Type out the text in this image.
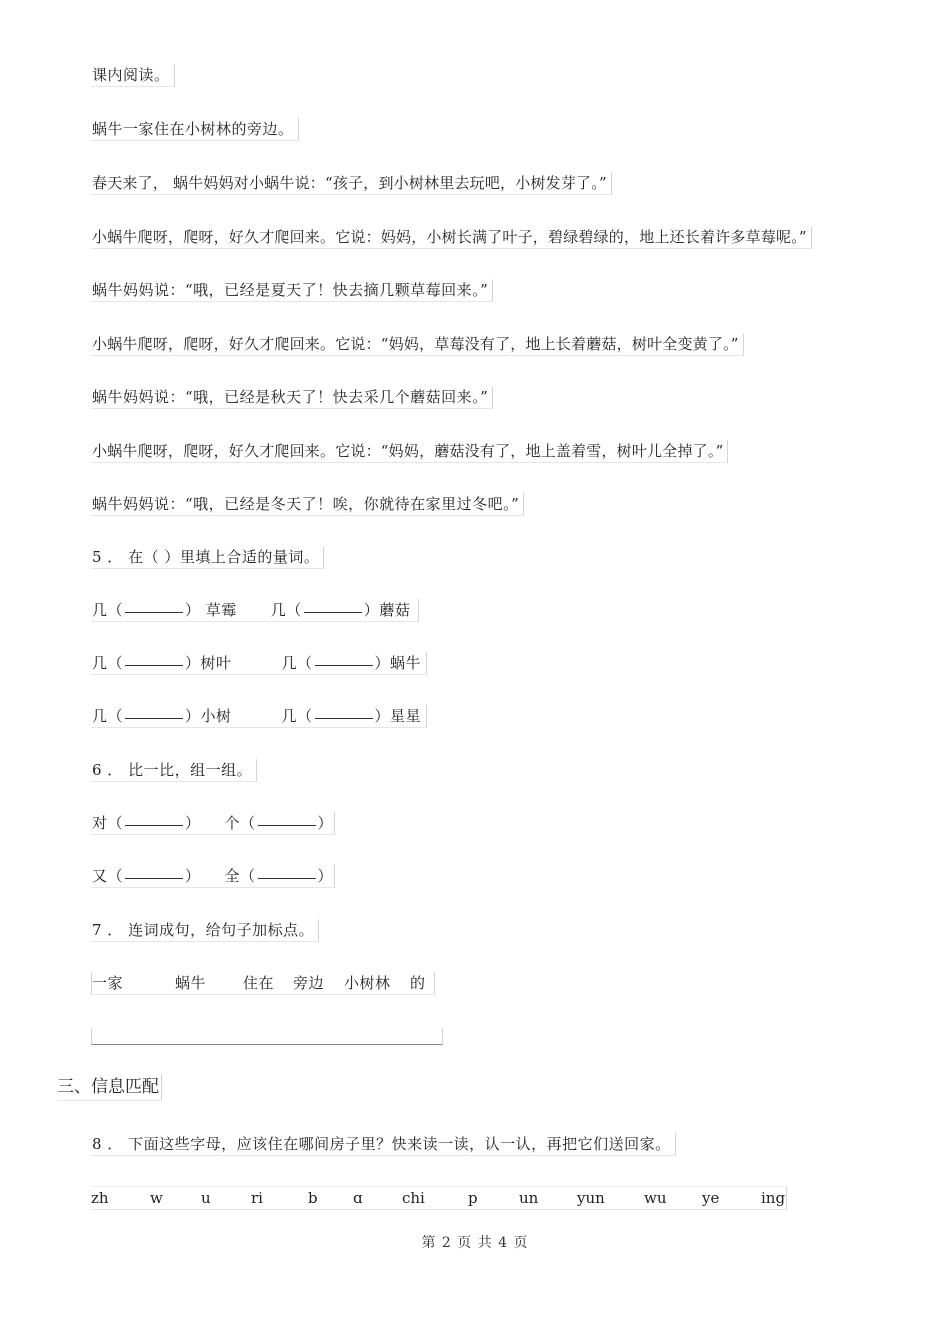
课内阅读。
蜗牛一家住在小树林的旁边。
春天来了， 蜗牛妈妈对小蜗牛说：“孩子，到小树林里去玩吧，小树发芽了。”
小蜗牛爬呀，爬呀，好久才爬回来。它说：妈妈，小树长满了叶子，碧绿碧绿的，地上还长着许多草莓呢。”
蜗牛妈妈说：“哦，已经是夏天了！快去摘几颗草莓回来。”
小蜗牛爬呀，爬呀，好久才爬回来。它说：“妈妈，草莓没有了，地上长着蘑菇，树叶全变黄了。”
蜗牛妈妈说：“哦，已经是秋天了！快去采几个蘑菇回来。”
小蜗牛爬呀，爬呀，好久才爬回来。它说：“妈妈，蘑菇没有了，地上盖着雪，树叶儿全掉了。”
蜗牛妈妈说：“哦，已经是冬天了！唉，你就待在家里过冬吧。”
5 ． 在（ ）里填上合适的量词。
几（	） 草霉 几（	）蘑菇
几（	）树叶	几（	）蜗牛
几（	）小树	几（	）星星
6 ． 比一比，组一组。
对（	） 个（	）
又（	） 全（	）
7 ． 连词成句，给句子加标点。
一家	蜗牛 住在 旁边 小树林 的
三、信息匹配
8 ． 下面这些字母，应该住在哪间房子里？快来读一读，认一认，再把它们送回家。
zh	w	u	ri	b ɑ	chi	p	un	yun	wu ye	ing
第 2 页 共 4 页
